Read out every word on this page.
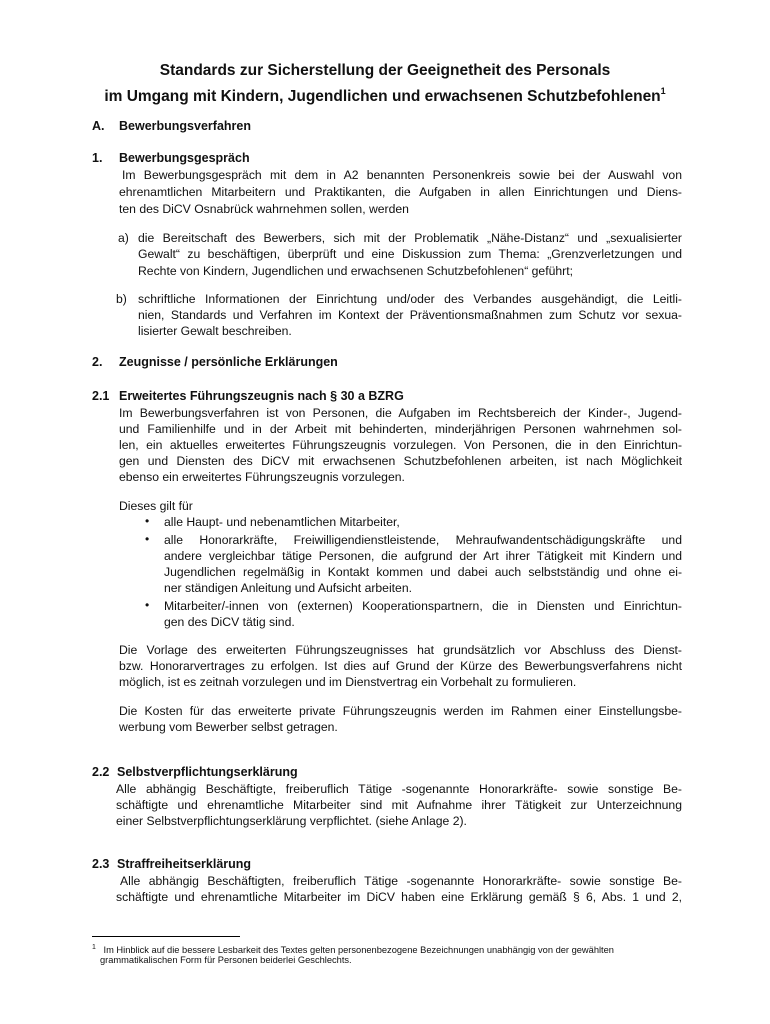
Standards zur Sicherstellung der Geeignetheit des Personals
im Umgang mit Kindern, Jugendlichen und erwachsenen Schutzbefohlenen$^1$
A. Bewerbungsverfahren
1. Bewerbungsgespräch
Im Bewerbungsgespräch mit dem in A2 benannten Personenkreis sowie bei der Auswahl von
ehrenamtlichen Mitarbeitern und Praktikanten, die Aufgaben in allen Einrichtungen und Diens-
ten des DiCV Osnabrück wahrnehmen sollen, werden
a) die Bereitschaft des Bewerbers, sich mit der Problematik „Nähe-Distanz“ und „sexualisierter
Gewalt“ zu beschäftigen, überprüft und eine Diskussion zum Thema: „Grenzverletzungen und
Rechte von Kindern, Jugendlichen und erwachsenen Schutzbefohlenen“ geführt;
b) schriftliche Informationen der Einrichtung und/oder des Verbandes ausgehändigt, die Leitli-
nien, Standards und Verfahren im Kontext der Präventionsmaßnahmen zum Schutz vor sexua-
lisierter Gewalt beschreiben.
2. Zeugnisse / persönliche Erklärungen
2.1 Erweitertes Führungszeugnis nach § 30 a BZRG
Im Bewerbungsverfahren ist von Personen, die Aufgaben im Rechtsbereich der Kinder-, Jugend-
und Familienhilfe und in der Arbeit mit behinderten, minderjährigen Personen wahrnehmen sol-
len, ein aktuelles erweitertes Führungszeugnis vorzulegen. Von Personen, die in den Einrichtun-
gen und Diensten des DiCV mit erwachsenen Schutzbefohlenen arbeiten, ist nach Möglichkeit
ebenso ein erweitertes Führungszeugnis vorzulegen.
Dieses gilt für
• alle Haupt- und nebenamtlichen Mitarbeiter,
• alle Honorarkräfte, Freiwilligendienstleistende, Mehraufwandentschädigungskräfte und
andere vergleichbar tätige Personen, die aufgrund der Art ihrer Tätigkeit mit Kindern und
Jugendlichen regelmäßig in Kontakt kommen und dabei auch selbstständig und ohne ei-
ner ständigen Anleitung und Aufsicht arbeiten.
• Mitarbeiter/-innen von (externen) Kooperationspartnern, die in Diensten und Einrichtun-
gen des DiCV tätig sind.
Die Vorlage des erweiterten Führungszeugnisses hat grundsätzlich vor Abschluss des Dienst-
bzw. Honorarvertrages zu erfolgen. Ist dies auf Grund der Kürze des Bewerbungsverfahrens nicht
möglich, ist es zeitnah vorzulegen und im Dienstvertrag ein Vorbehalt zu formulieren.
Die Kosten für das erweiterte private Führungszeugnis werden im Rahmen einer Einstellungsbe-
werbung vom Bewerber selbst getragen.
2.2 Selbstverpflichtungserklärung
Alle abhängig Beschäftigte, freiberuflich Tätige -sogenannte Honorarkräfte- sowie sonstige Be-
schäftigte und ehrenamtliche Mitarbeiter sind mit Aufnahme ihrer Tätigkeit zur Unterzeichnung
einer Selbstverpflichtungserklärung verpflichtet. (siehe Anlage 2).
2.3 Straffreiheitserklärung
Alle abhängig Beschäftigten, freiberuflich Tätige -sogenannte Honorarkräfte- sowie sonstige Be-
schäftigte und ehrenamtliche Mitarbeiter im DiCV haben eine Erklärung gemäß § 6, Abs. 1 und 2,
$^1$ Im Hinblick auf die bessere Lesbarkeit des Textes gelten personenbezogene Bezeichnungen unabhängig von der gewählten
grammatikalischen Form für Personen beiderlei Geschlechts.
